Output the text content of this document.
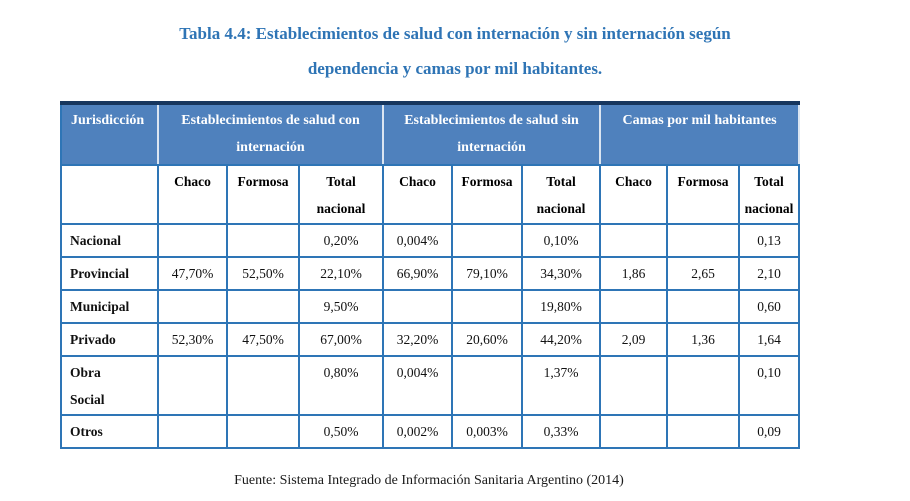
Tabla 4.4: Establecimientos de salud con internación y sin internación según
dependencia y camas por mil habitantes.
Jurisdicción	Establecimientos de salud con internación			Establecimientos de salud sin internación			Camas por mil habitantes		
	Chaco	Formosa	Total nacional	Chaco	Formosa	Total nacional	Chaco	Formosa	Total nacional
Nacional			0,20%	0,004%		0,10%			0,13
Provincial	47,70%	52,50%	22,10%	66,90%	79,10%	34,30%	1,86	2,65	2,10
Municipal			9,50%			19,80%			0,60
Privado	52,30%	47,50%	67,00%	32,20%	20,60%	44,20%	2,09	1,36	1,64
Obra Social			0,80%	0,004%		1,37%			0,10
Otros			0,50%	0,002%	0,003%	0,33%			0,09
Fuente: Sistema Integrado de Información Sanitaria Argentino (2014)
